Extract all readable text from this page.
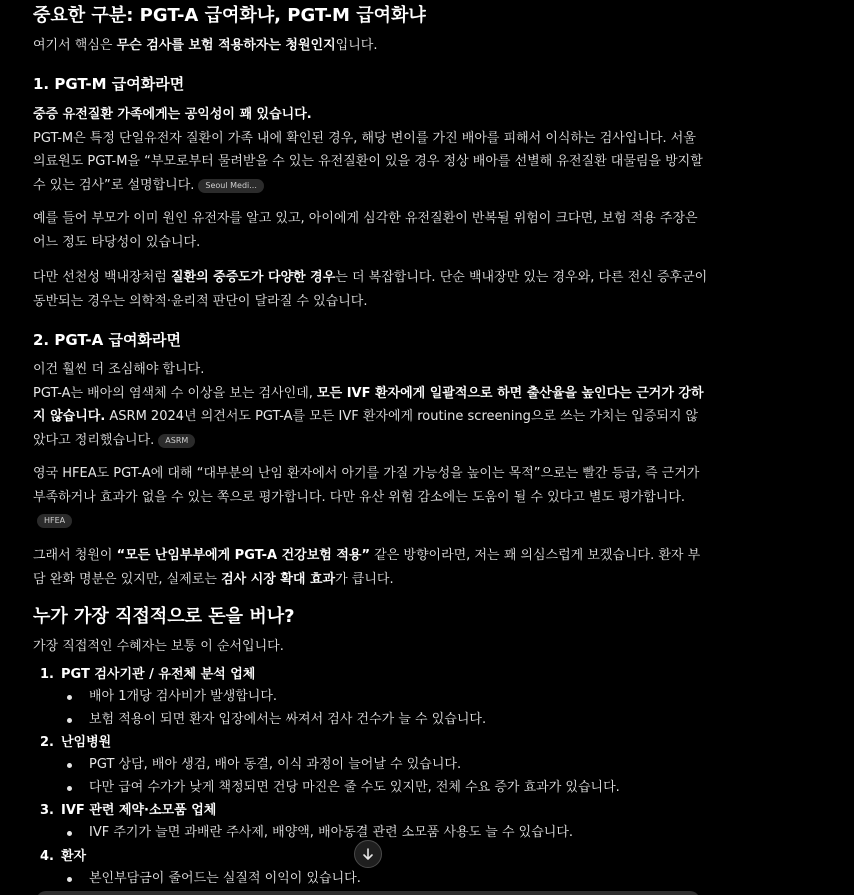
중요한 구분: PGT-A 급여화냐, PGT-M 급여화냐

여기서 핵심은 무슨 검사를 보험 적용하자는 청원인지입니다.

1. PGT-M 급여화라면

중증 유전질환 가족에게는 공익성이 꽤 있습니다.

PGT-M은 특정 단일유전자 질환이 가족 내에 확인된 경우, 해당 변이를 가진 배아를 피해서 이식하는 검사입니다. 서울의료원도 PGT-M을 “부모로부터 물려받을 수 있는 유전질환이 있을 경우 정상 배아를 선별해 유전질환 대물림을 방지할 수 있는 검사”로 설명합니다. Seoul Medi...

예를 들어 부모가 이미 원인 유전자를 알고 있고, 아이에게 심각한 유전질환이 반복될 위험이 크다면, 보험 적용 주장은 어느 정도 타당성이 있습니다.

다만 선천성 백내장처럼 질환의 중증도가 다양한 경우는 더 복잡합니다. 단순 백내장만 있는 경우와, 다른 전신 증후군이 동반되는 경우는 의학적·윤리적 판단이 달라질 수 있습니다.

2. PGT-A 급여화라면

이건 훨씬 더 조심해야 합니다.

PGT-A는 배아의 염색체 수 이상을 보는 검사인데, 모든 IVF 환자에게 일괄적으로 하면 출산율을 높인다는 근거가 강하지 않습니다. ASRM 2024년 의견서도 PGT-A를 모든 IVF 환자에게 routine screening으로 쓰는 가치는 입증되지 않았다고 정리했습니다. ASRM

영국 HFEA도 PGT-A에 대해 “대부분의 난임 환자에서 아기를 가질 가능성을 높이는 목적”으로는 빨간 등급, 즉 근거가 부족하거나 효과가 없을 수 있는 쪽으로 평가합니다. 다만 유산 위험 감소에는 도움이 될 수 있다고 별도 평가합니다.HFEA

그래서 청원이 “모든 난임부부에게 PGT-A 건강보험 적용” 같은 방향이라면, 저는 꽤 의심스럽게 보겠습니다. 환자 부담 완화 명분은 있지만, 실제로는 검사 시장 확대 효과가 큽니다.

누가 가장 직접적으로 돈을 버나?

가장 직접적인 수혜자는 보통 이 순서입니다.

1. PGT 검사기관 / 유전체 분석 업체
배아 1개당 검사비가 발생합니다.
보험 적용이 되면 환자 입장에서는 싸져서 검사 건수가 늘 수 있습니다.
2. 난임병원
PGT 상담, 배아 생검, 배아 동결, 이식 과정이 늘어날 수 있습니다.
다만 급여 수가가 낮게 책정되면 건당 마진은 줄 수도 있지만, 전체 수요 증가 효과가 있습니다.
3. IVF 관련 제약·소모품 업체
IVF 주기가 늘면 과배란 주사제, 배양액, 배아동결 관련 소모품 사용도 늘 수 있습니다.
4. 환자
본인부담금이 줄어드는 실질적 이익이 있습니다.
